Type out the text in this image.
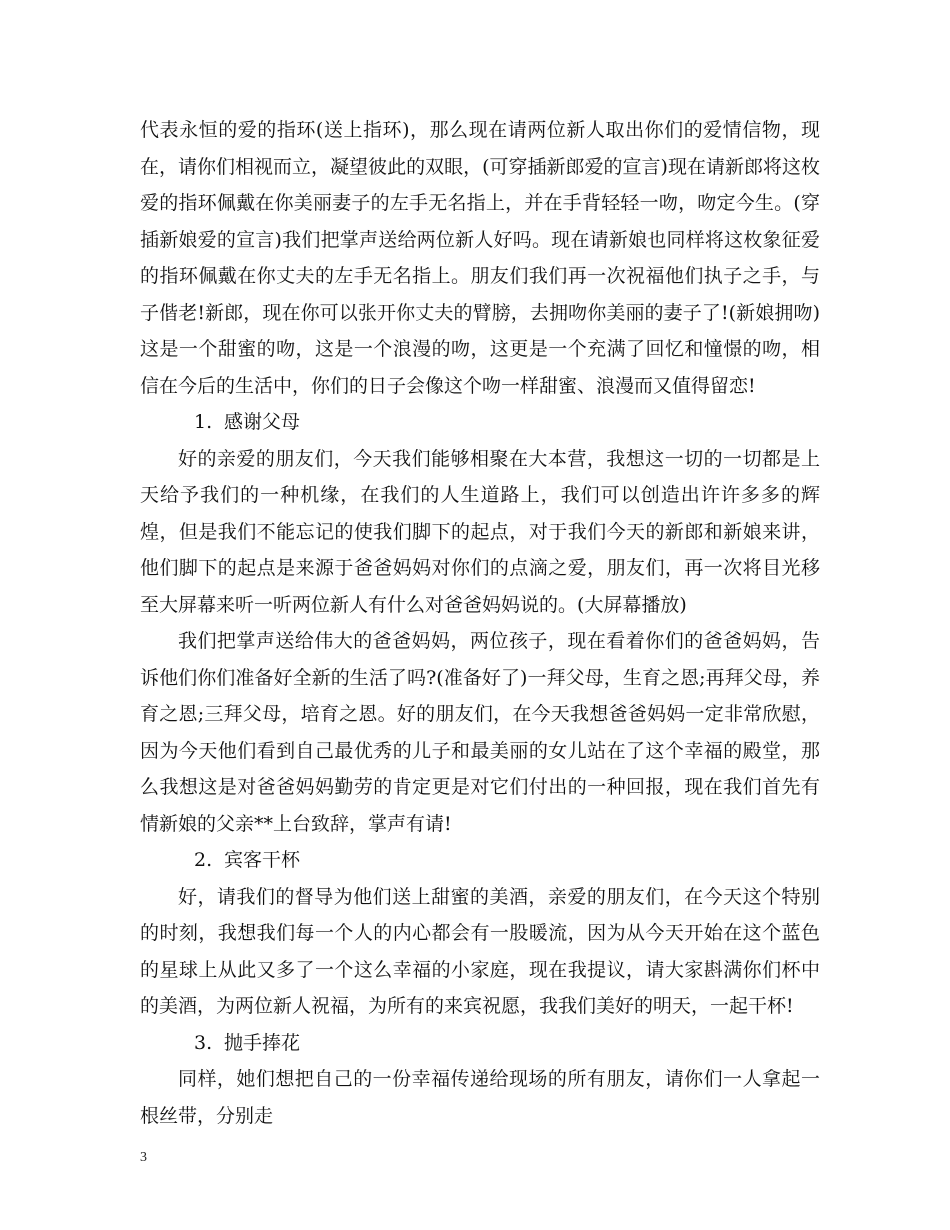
代表永恒的爱的指环(送上指环)，那么现在请两位新人取出你们的爱情信物，现在，请你们相视而立，凝望彼此的双眼，(可穿插新郎爱的宣言)现在请新郎将这枚爱的指环佩戴在你美丽妻子的左手无名指上，并在手背轻轻一吻，吻定今生。(穿插新娘爱的宣言)我们把掌声送给两位新人好吗。现在请新娘也同样将这枚象征爱的指环佩戴在你丈夫的左手无名指上。朋友们我们再一次祝福他们执子之手，与子偕老!新郎，现在你可以张开你丈夫的臂膀，去拥吻你美丽的妻子了!(新娘拥吻)这是一个甜蜜的吻，这是一个浪漫的吻，这更是一个充满了回忆和憧憬的吻，相信在今后的生活中，你们的日子会像这个吻一样甜蜜、浪漫而又值得留恋!

1. 感谢父母

好的亲爱的朋友们，今天我们能够相聚在大本营，我想这一切的一切都是上天给予我们的一种机缘，在我们的人生道路上，我们可以创造出许许多多的辉煌，但是我们不能忘记的使我们脚下的起点，对于我们今天的新郎和新娘来讲，他们脚下的起点是来源于爸爸妈妈对你们的点滴之爱，朋友们，再一次将目光移至大屏幕来听一听两位新人有什么对爸爸妈妈说的。(大屏幕播放)

我们把掌声送给伟大的爸爸妈妈，两位孩子，现在看着你们的爸爸妈妈，告诉他们你们准备好全新的生活了吗?(准备好了)一拜父母，生育之恩;再拜父母，养育之恩;三拜父母，培育之恩。好的朋友们，在今天我想爸爸妈妈一定非常欣慰，因为今天他们看到自己最优秀的儿子和最美丽的女儿站在了这个幸福的殿堂，那么我想这是对爸爸妈妈勤劳的肯定更是对它们付出的一种回报，现在我们首先有情新娘的父亲**上台致辞，掌声有请!

2. 宾客干杯

好，请我们的督导为他们送上甜蜜的美酒，亲爱的朋友们，在今天这个特别的时刻，我想我们每一个人的内心都会有一股暖流，因为从今天开始在这个蓝色的星球上从此又多了一个这么幸福的小家庭，现在我提议，请大家斟满你们杯中的美酒，为两位新人祝福，为所有的来宾祝愿，我我们美好的明天，一起干杯!

3. 抛手捧花

同样，她们想把自己的一份幸福传递给现场的所有朋友，请你们一人拿起一根丝带，分别走

3
